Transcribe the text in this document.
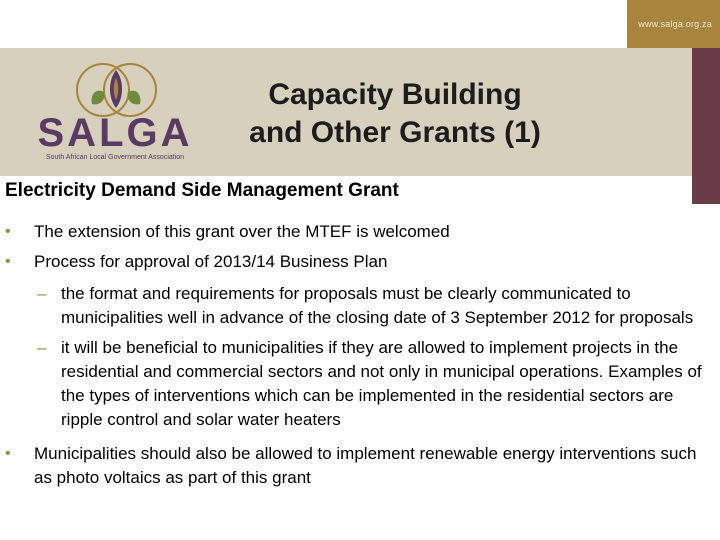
www.salga.org.za
SALGA
South African Local Government Association
Capacity Building
and Other Grants (1)
Electricity Demand Side Management Grant
• The extension of this grant over the MTEF is welcomed
• Process for approval of 2013/14 Business Plan
– the format and requirements for proposals must be clearly communicated to municipalities well in advance of the closing date of 3 September 2012 for proposals
– it will be beneficial to municipalities if they are allowed to implement projects in the residential and commercial sectors and not only in municipal operations. Examples of the types of interventions which can be implemented in the residential sectors are ripple control and solar water heaters
• Municipalities should also be allowed to implement renewable energy interventions such as photo voltaics as part of this grant
